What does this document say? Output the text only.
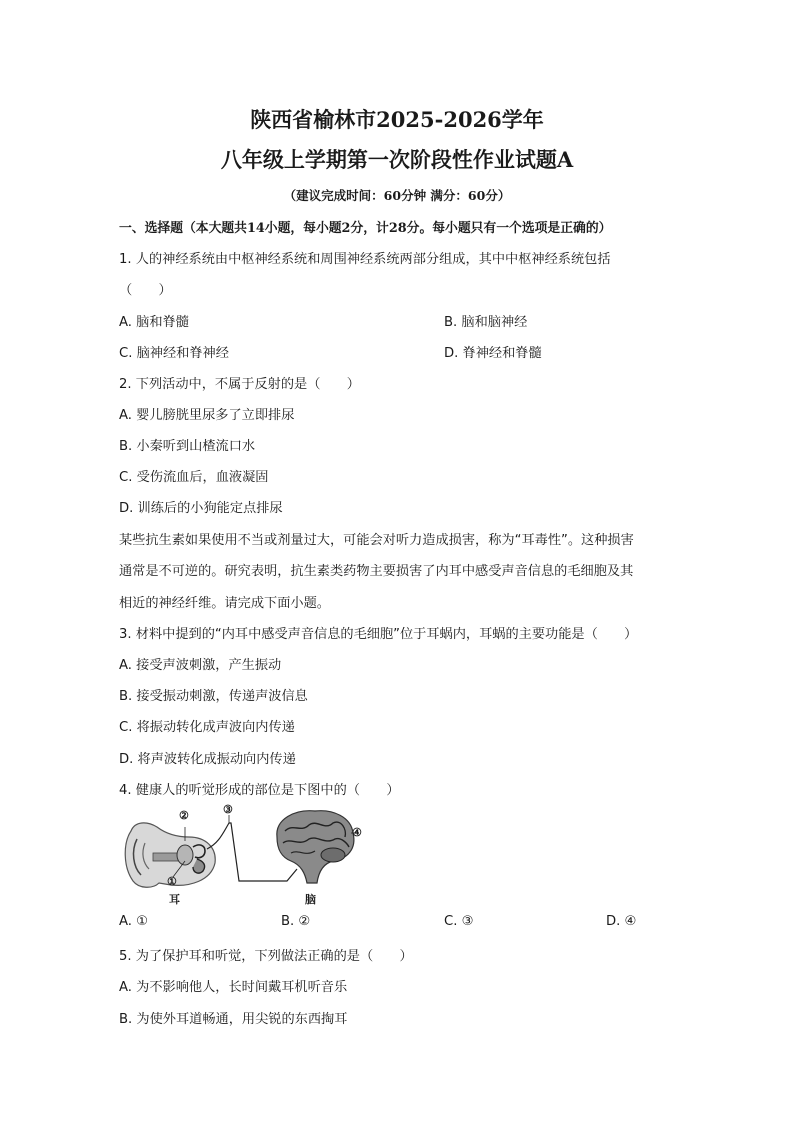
陕西省榆林市2025-2026学年
八年级上学期第一次阶段性作业试题A
（建议完成时间：60分钟 满分：60分）
一、选择题（本大题共14小题，每小题2分，计28分。每小题只有一个选项是正确的）
1. 人的神经系统由中枢神经系统和周围神经系统两部分组成，其中中枢神经系统包括
（　　）
A. 脑和脊髓	B. 脑和脑神经
C. 脑神经和脊神经	D. 脊神经和脊髓
2. 下列活动中，不属于反射的是（　　）
A. 婴儿膀胱里尿多了立即排尿
B. 小秦听到山楂流口水
C. 受伤流血后，血液凝固
D. 训练后的小狗能定点排尿
某些抗生素如果使用不当或剂量过大，可能会对听力造成损害，称为“耳毒性”。这种损害
通常是不可逆的。研究表明，抗生素类药物主要损害了内耳中感受声音信息的毛细胞及其
相近的神经纤维。请完成下面小题。
3. 材料中提到的“内耳中感受声音信息的毛细胞”位于耳蜗内，耳蜗的主要功能是（　　）
A. 接受声波刺激，产生振动
B. 接受振动刺激，传递声波信息
C. 将振动转化成声波向内传递
D. 将声波转化成振动向内传递
4. 健康人的听觉形成的部位是下图中的（　　）
②	③
④
①
耳	脑
A. ①	B. ②	C. ③	D. ④
5. 为了保护耳和听觉，下列做法正确的是（　　）
A. 为不影响他人，长时间戴耳机听音乐
B. 为使外耳道畅通，用尖锐的东西掏耳
